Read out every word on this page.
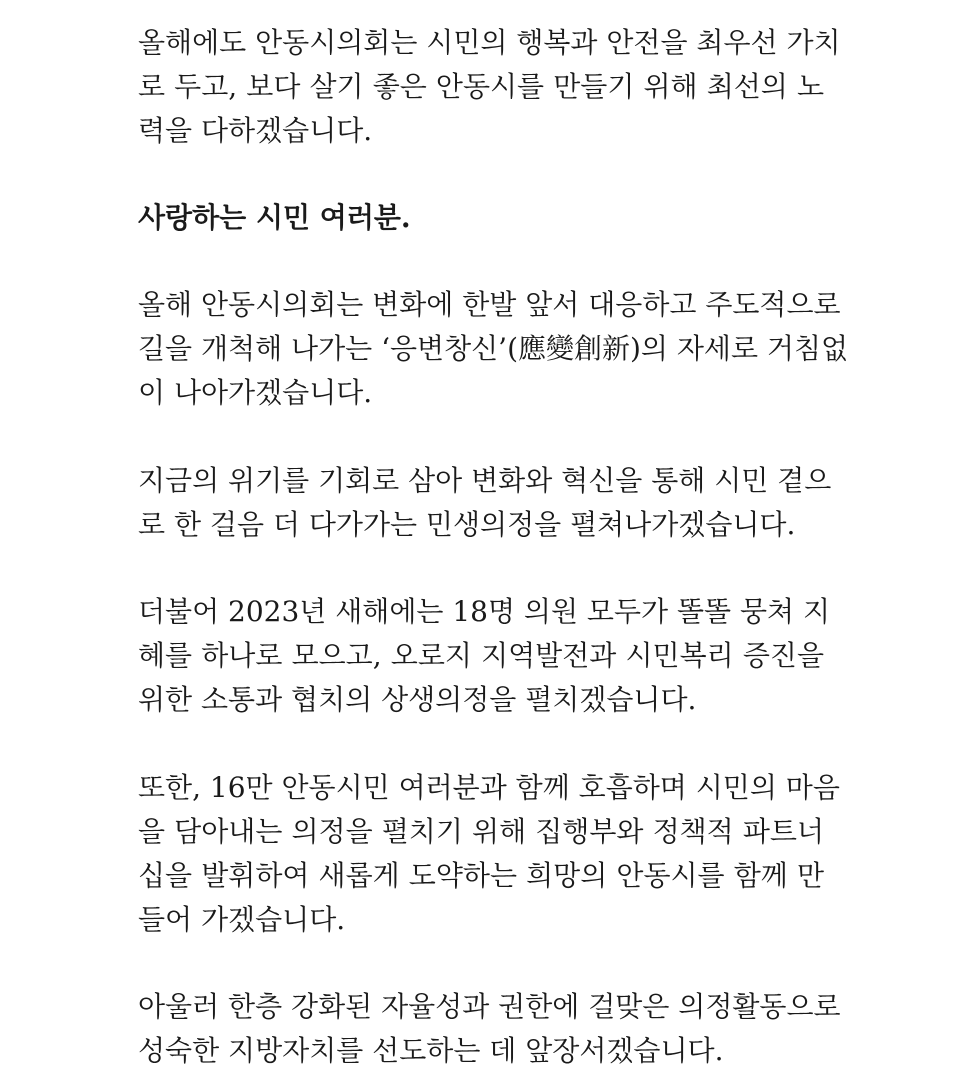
올해에도 안동시의회는 시민의 행복과 안전을 최우선 가치
로 두고, 보다 살기 좋은 안동시를 만들기 위해 최선의 노
력을 다하겠습니다.
사랑하는 시민 여러분.
올해 안동시의회는 변화에 한발 앞서 대응하고 주도적으로
길을 개척해 나가는 ‘응변창신’(應變創新)의 자세로 거침없
이 나아가겠습니다.
지금의 위기를 기회로 삼아 변화와 혁신을 통해 시민 곁으
로 한 걸음 더 다가가는 민생의정을 펼쳐나가겠습니다.
더불어 2023년 새해에는 18명 의원 모두가 똘똘 뭉쳐 지
혜를 하나로 모으고, 오로지 지역발전과 시민복리 증진을
위한 소통과 협치의 상생의정을 펼치겠습니다.
또한, 16만 안동시민 여러분과 함께 호흡하며 시민의 마음
을 담아내는 의정을 펼치기 위해 집행부와 정책적 파트너
십을 발휘하여 새롭게 도약하는 희망의 안동시를 함께 만
들어 가겠습니다.
아울러 한층 강화된 자율성과 권한에 걸맞은 의정활동으로
성숙한 지방자치를 선도하는 데 앞장서겠습니다.
